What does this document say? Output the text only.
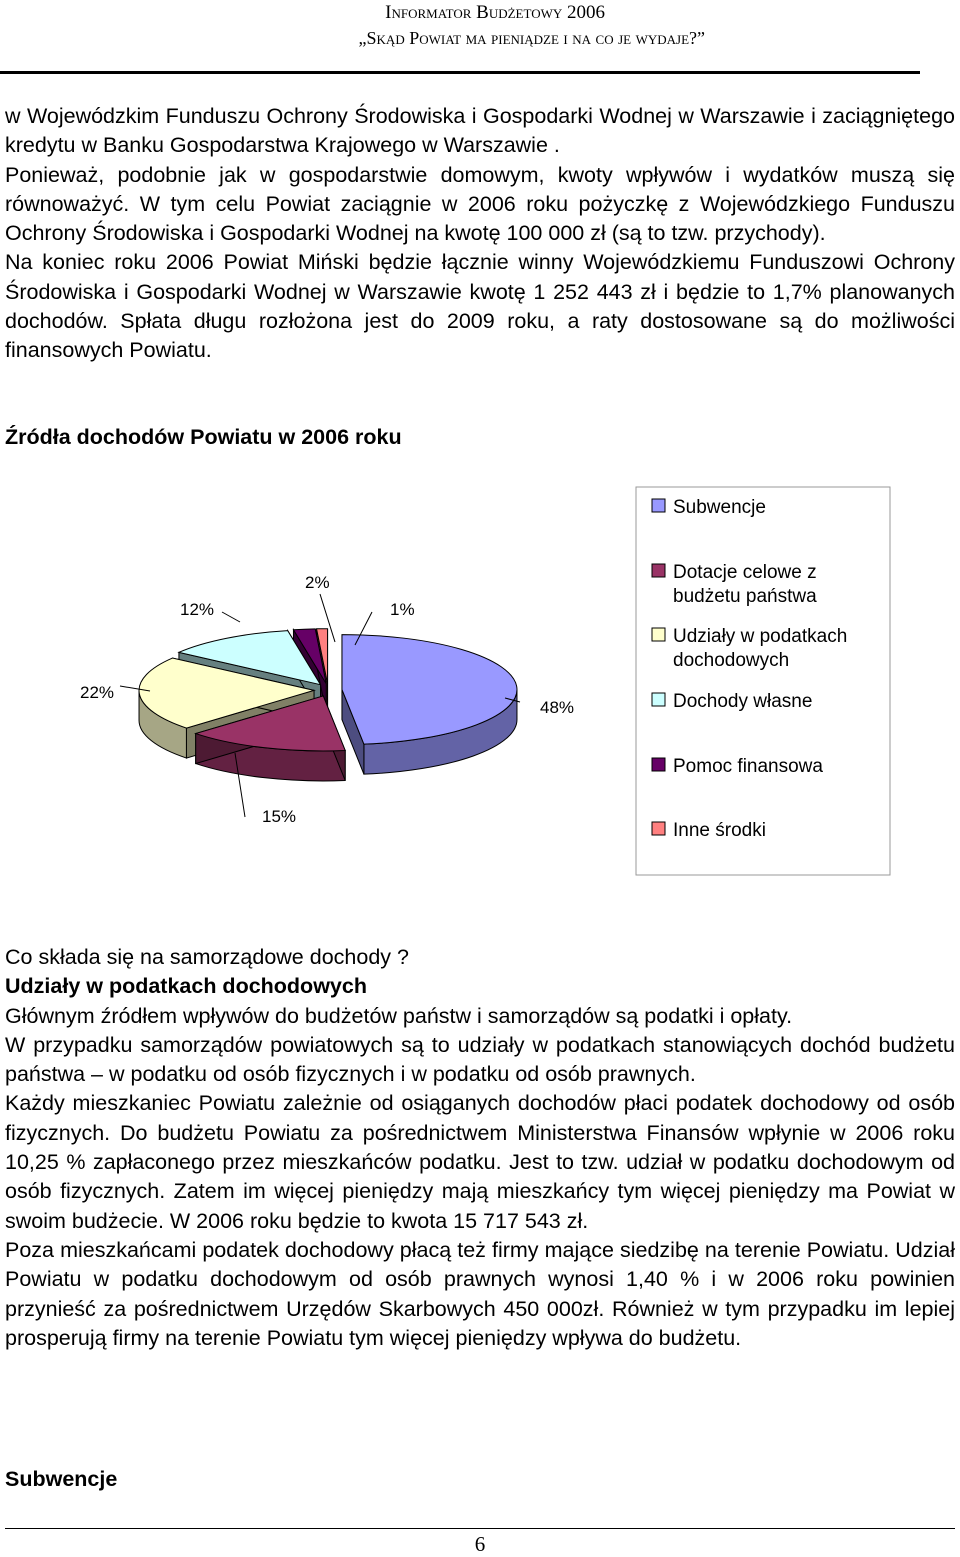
Informator Budżetowy 2006
„Skąd Powiat ma pieniądze i na co je wydaje?”

w Wojewódzkim Funduszu Ochrony Środowiska i Gospodarki Wodnej w Warszawie i zaciągniętego kredytu w Banku Gospodarstwa Krajowego w Warszawie .

Ponieważ, podobnie jak w gospodarstwie domowym, kwoty wpływów i wydatków muszą się równoważyć. W tym celu Powiat zaciągnie w 2006 roku pożyczkę z Wojewódzkiego Funduszu Ochrony Środowiska i Gospodarki Wodnej na kwotę 100 000 zł (są to tzw. przychody).

Na koniec roku 2006 Powiat Miński będzie łącznie winny Wojewódzkiemu Funduszowi Ochrony Środowiska i Gospodarki Wodnej w Warszawie kwotę 1 252 443 zł i będzie to 1,7% planowanych dochodów. Spłata długu rozłożona jest do 2009 roku, a raty dostosowane są do możliwości finansowych Powiatu.

Źródła dochodów Powiatu w 2006 roku
48%
15%
22%
12%
2%
1%
Subwencje
Dotacje celowe z budżetu państwa
Udziały w podatkach dochodowych
Dochody własne
Pomoc finansowa
Inne środki

Co składa się na samorządowe dochody ?

Udziały w podatkach dochodowych

Głównym źródłem wpływów do budżetów państw i samorządów są podatki i opłaty.

W przypadku samorządów powiatowych są to udziały w podatkach stanowiących dochód budżetu państwa – w podatku od osób fizycznych i w podatku od osób prawnych.

Każdy mieszkaniec Powiatu zależnie od osiąganych dochodów płaci podatek dochodowy od osób fizycznych. Do budżetu Powiatu za pośrednictwem Ministerstwa Finansów wpłynie w 2006 roku 10,25 % zapłaconego przez mieszkańców podatku. Jest to tzw. udział w podatku dochodowym od osób fizycznych. Zatem im więcej pieniędzy mają mieszkańcy tym więcej pieniędzy ma Powiat w swoim budżecie. W 2006 roku będzie to kwota 15 717 543 zł.

Poza mieszkańcami podatek dochodowy płacą też firmy mające siedzibę na terenie Powiatu. Udział Powiatu w podatku dochodowym od osób prawnych wynosi 1,40 % i w 2006 roku powinien przynieść za pośrednictwem Urzędów Skarbowych 450 000zł. Również w tym przypadku im lepiej prosperują firmy na terenie Powiatu tym więcej pieniędzy wpływa do budżetu.

Subwencje
6
